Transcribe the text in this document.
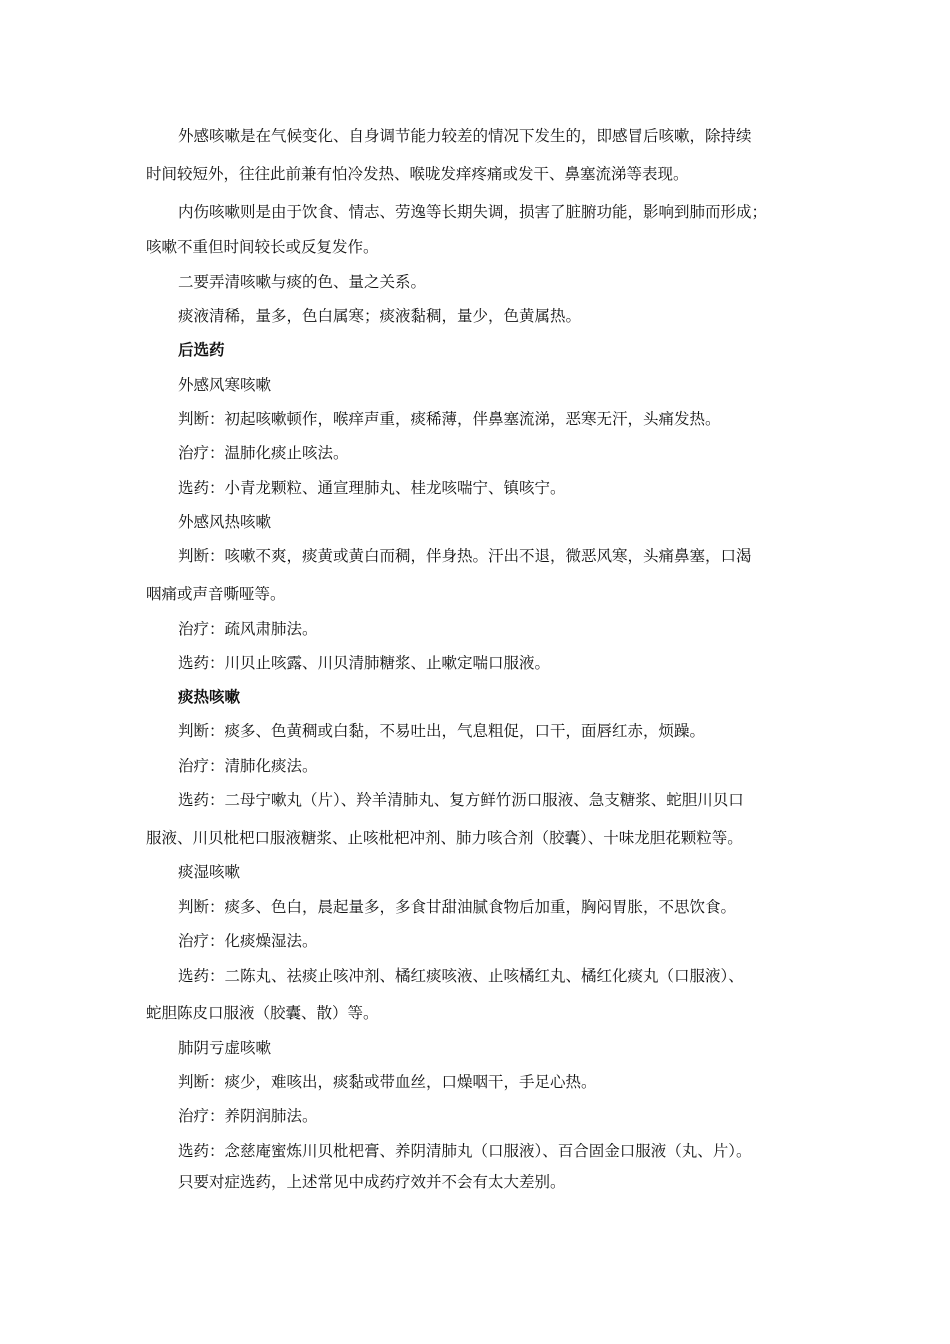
外感咳嗽是在气候变化、自身调节能力较差的情况下发生的，即感冒后咳嗽，除持续
时间较短外，往往此前兼有怕冷发热、喉咙发痒疼痛或发干、鼻塞流涕等表现。
内伤咳嗽则是由于饮食、情志、劳逸等长期失调，损害了脏腑功能，影响到肺而形成；
咳嗽不重但时间较长或反复发作。
二要弄清咳嗽与痰的色、量之关系。
痰液清稀，量多，色白属寒；痰液黏稠，量少，色黄属热。
后选药
外感风寒咳嗽
判断：初起咳嗽顿作，喉痒声重，痰稀薄，伴鼻塞流涕，恶寒无汗，头痛发热。
治疗：温肺化痰止咳法。
选药：小青龙颗粒、通宣理肺丸、桂龙咳喘宁、镇咳宁。
外感风热咳嗽
判断：咳嗽不爽，痰黄或黄白而稠，伴身热。汗出不退，微恶风寒，头痛鼻塞，口渴
咽痛或声音嘶哑等。
治疗：疏风肃肺法。
选药：川贝止咳露、川贝清肺糖浆、止嗽定喘口服液。
痰热咳嗽
判断：痰多、色黄稠或白黏，不易吐出，气息粗促，口干，面唇红赤，烦躁。
治疗：清肺化痰法。
选药：二母宁嗽丸（片）、羚羊清肺丸、复方鲜竹沥口服液、急支糖浆、蛇胆川贝口
服液、川贝枇杷口服液糖浆、止咳枇杷冲剂、肺力咳合剂（胶囊）、十味龙胆花颗粒等。
痰湿咳嗽
判断：痰多、色白，晨起量多，多食甘甜油腻食物后加重，胸闷胃胀，不思饮食。
治疗：化痰燥湿法。
选药：二陈丸、祛痰止咳冲剂、橘红痰咳液、止咳橘红丸、橘红化痰丸（口服液）、
蛇胆陈皮口服液（胶囊、散）等。
肺阴亏虚咳嗽
判断：痰少，难咳出，痰黏或带血丝，口燥咽干，手足心热。
治疗：养阴润肺法。
选药：念慈庵蜜炼川贝枇杷膏、养阴清肺丸（口服液）、百合固金口服液（丸、片）。
只要对症选药，上述常见中成药疗效并不会有太大差别。
